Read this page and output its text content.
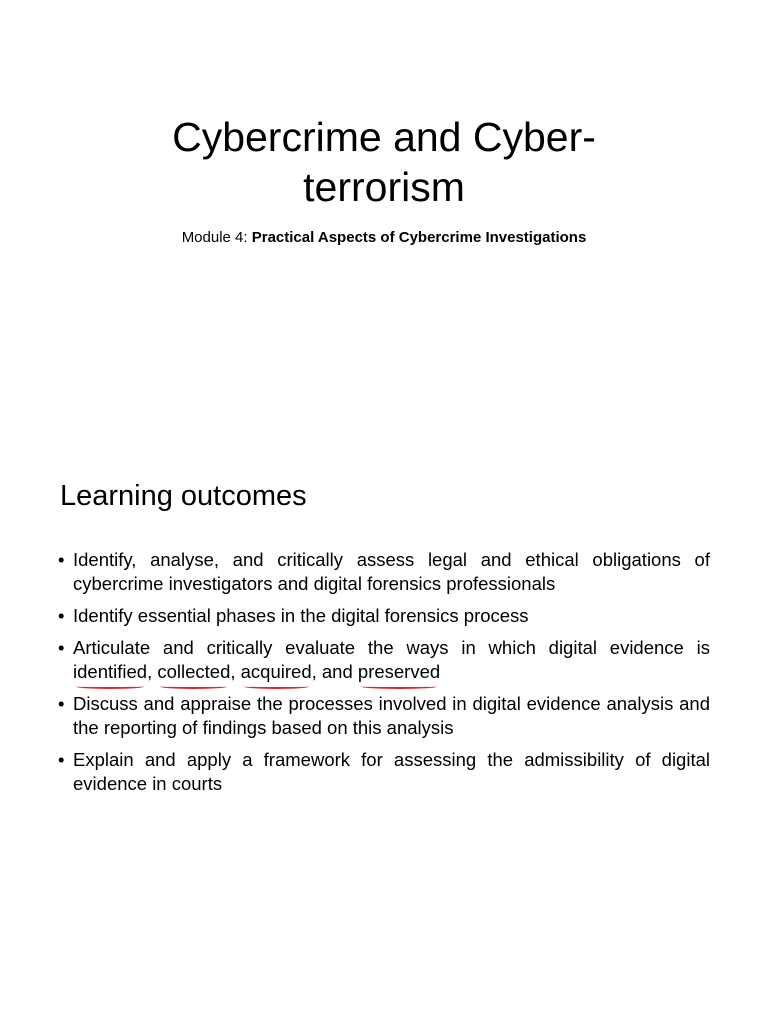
Cybercrime and Cyber-
terrorism
Module 4: Practical Aspects of Cybercrime Investigations
Learning outcomes
• Identify, analyse, and critically assess legal and ethical obligations of cybercrime investigators and digital forensics professionals
• Identify essential phases in the digital forensics process
• Articulate and critically evaluate the ways in which digital evidence is identified, collected, acquired, and preserved
• Discuss and appraise the processes involved in digital evidence analysis and the reporting of findings based on this analysis
• Explain and apply a framework for assessing the admissibility of digital evidence in courts
